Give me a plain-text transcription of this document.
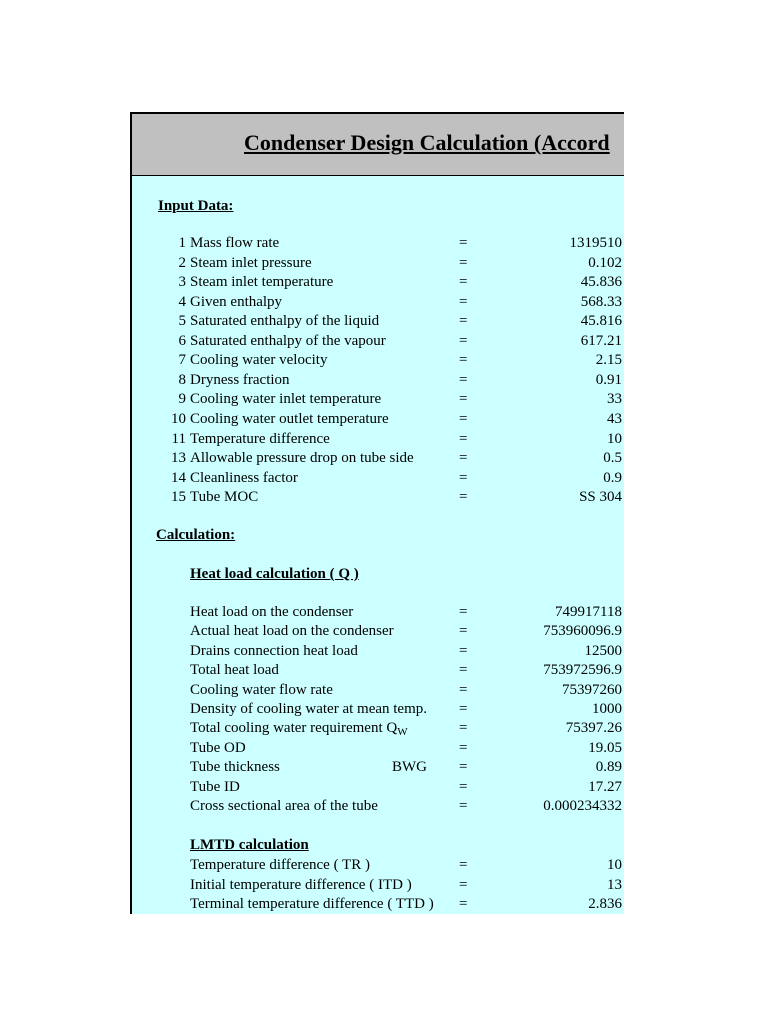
Condenser Design Calculation (Accord
Input Data:
1 Mass flow rate	=	1319510
2 Steam inlet pressure	=	0.102
3 Steam inlet temperature	=	45.836
4 Given enthalpy	=	568.33
5 Saturated enthalpy of the liquid	=	45.816
6 Saturated enthalpy of the vapour	=	617.21
7 Cooling water velocity	=	2.15
8 Dryness fraction	=	0.91
9 Cooling water inlet temperature	=	33
10 Cooling water outlet temperature	=	43
11 Temperature difference	=	10
13 Allowable pressure drop on tube side	=	0.5
14 Cleanliness factor	=	0.9
15 Tube MOC	=	SS 304
Calculation:
Heat load calculation ( Q )
Heat load on the condenser	=	749917118
Actual heat load on the condenser	=	753960096.9
Drains connection heat load	=	12500
Total heat load	=	753972596.9
Cooling water flow rate	=	75397260
Density of cooling water at mean temp. =	1000
Total cooling water requirement $Q_W$	=	75397.26
Tube OD	=	19.05
Tube thickness	BWG =	0.89
Tube ID	=	17.27
Cross sectional area of the tube	=	0.000234332
LMTD calculation
Temperature difference ( TR )	=	10
Initial temperature difference ( ITD )	=	13
Terminal temperature difference ( TTD ) =	2.836
